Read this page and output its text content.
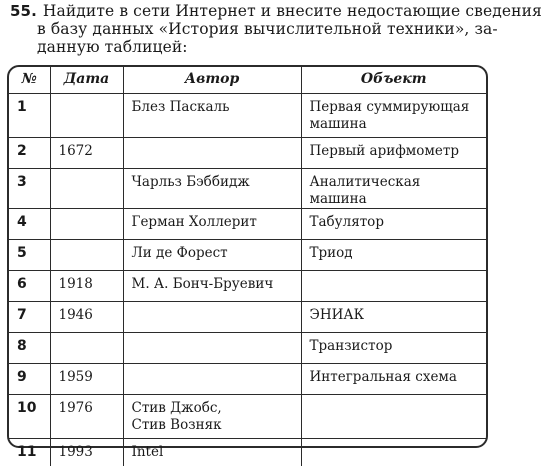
55. Найдите в сети Интернет и внесите недостающие сведения
в базу данных «История вычислительной техники», за-
данную таблицей:
№	Дата	Автор	Объект
1		Блез Паскаль	Первая суммирующая
машина
2	1672		Первый арифмометр
3		Чарльз Бэббидж	Аналитическая машина
4		Герман Холлерит	Табулятор
5		Ли де Форест	Триод
6	1918	М. А. Бонч-Бруевич	
7	1946		ЭНИАК
8			Транзистор
9	1959		Интегральная схема
10	1976	Стив Джобс,
Стив Возняк	
11	1993	Intel	
